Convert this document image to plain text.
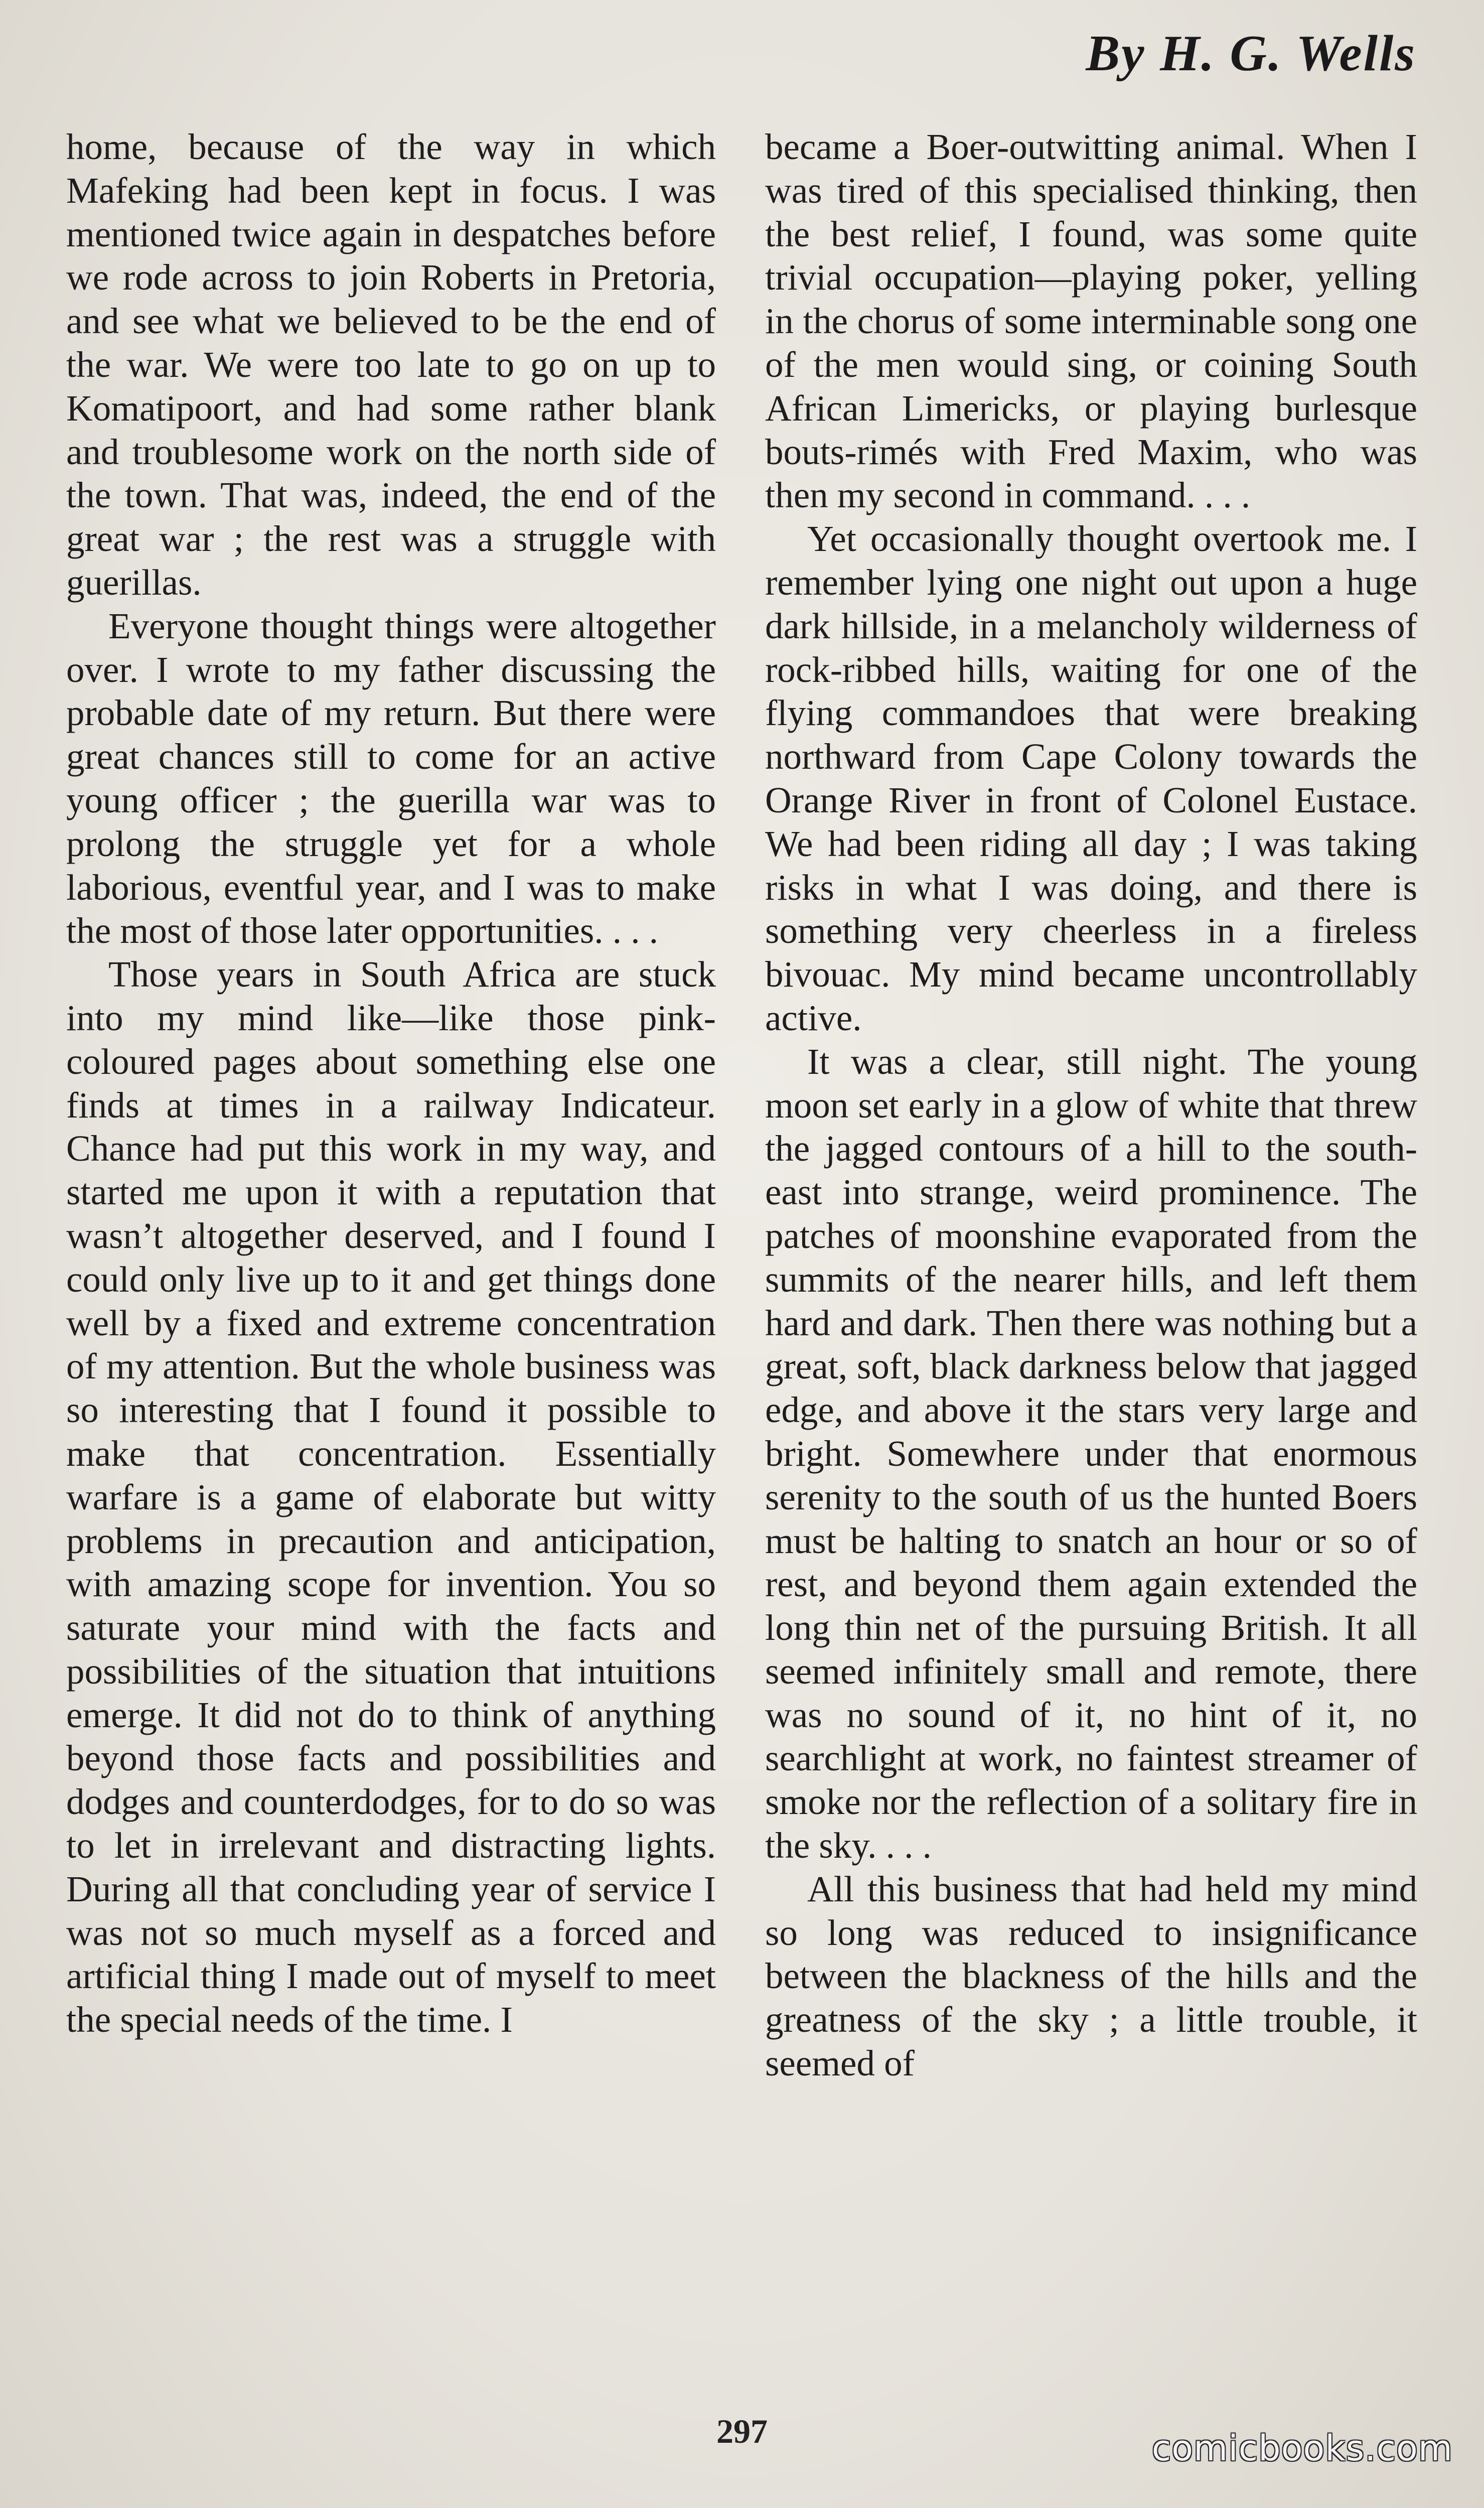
By H. G. Wells

home, because of the way in which Mafeking had been kept in focus. I was mentioned twice again in despatches before we rode across to join Roberts in Pretoria, and see what we believed to be the end of the war. We were too late to go on up to Komatipoort, and had some rather blank and troublesome work on the north side of the town. That was, indeed, the end of the great war ; the rest was a struggle with guerillas.

Everyone thought things were altogether over. I wrote to my father discussing the probable date of my return. But there were great chances still to come for an active young officer ; the guerilla war was to prolong the struggle yet for a whole laborious, eventful year, and I was to make the most of those later opportunities. . . .

Those years in South Africa are stuck into my mind like—like those pink-coloured pages about something else one finds at times in a railway Indicateur. Chance had put this work in my way, and started me upon it with a reputation that wasn’t altogether deserved, and I found I could only live up to it and get things done well by a fixed and extreme concentration of my attention. But the whole business was so interesting that I found it possible to make that concentration. Essentially warfare is a game of elaborate but witty problems in precaution and anticipation, with amazing scope for invention. You so saturate your mind with the facts and possibilities of the situation that intuitions emerge. It did not do to think of anything beyond those facts and possibilities and dodges and counterdodges, for to do so was to let in irrelevant and distracting lights. During all that concluding year of service I was not so much myself as a forced and artificial thing I made out of myself to meet the special needs of the time. I

became a Boer-outwitting animal. When I was tired of this specialised thinking, then the best relief, I found, was some quite trivial occupation—playing poker, yelling in the chorus of some interminable song one of the men would sing, or coining South African Limericks, or playing burlesque bouts-rimés with Fred Maxim, who was then my second in command. . . .

Yet occasionally thought overtook me. I remember lying one night out upon a huge dark hillside, in a melancholy wilderness of rock-ribbed hills, waiting for one of the flying commandoes that were breaking northward from Cape Colony towards the Orange River in front of Colonel Eustace. We had been riding all day ; I was taking risks in what I was doing, and there is something very cheerless in a fireless bivouac. My mind became uncontrollably active.

It was a clear, still night. The young moon set early in a glow of white that threw the jagged contours of a hill to the south-east into strange, weird prominence. The patches of moonshine evaporated from the summits of the nearer hills, and left them hard and dark. Then there was nothing but a great, soft, black darkness below that jagged edge, and above it the stars very large and bright. Somewhere under that enormous serenity to the south of us the hunted Boers must be halting to snatch an hour or so of rest, and beyond them again extended the long thin net of the pursuing British. It all seemed infinitely small and remote, there was no sound of it, no hint of it, no searchlight at work, no faintest streamer of smoke nor the reflection of a solitary fire in the sky. . . .

All this business that had held my mind so long was reduced to insignificance between the blackness of the hills and the greatness of the sky ; a little trouble, it seemed of

297	comicbooks.com
